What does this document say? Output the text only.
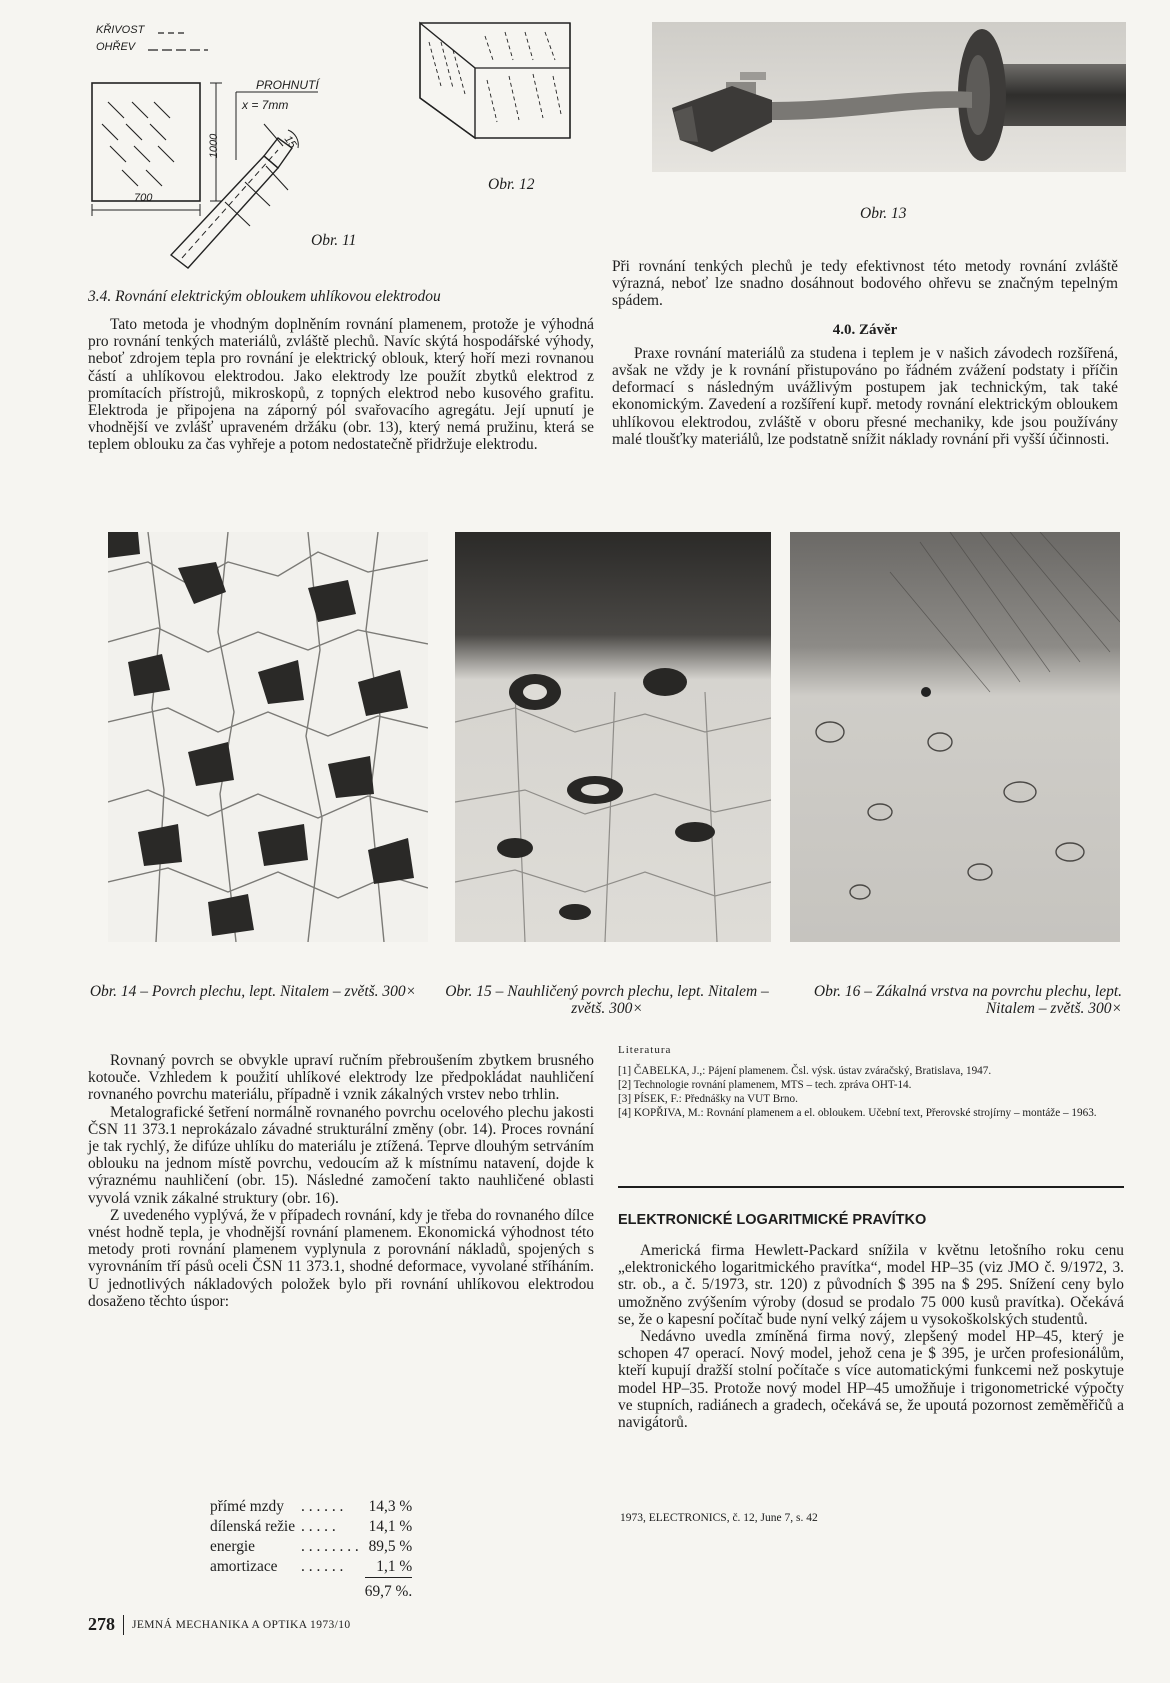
KŘIVOST
OHŘEV
PROHNUTÍ
x = 7mm
1000
700
15
Obr. 11
Obr. 12
Obr. 13
3.4. Rovnání elektrickým obloukem uhlíkovou elektrodou

Tato metoda je vhodným doplněním rovnání plamenem, protože je výhodná pro rovnání tenkých materiálů, zvláště plechů. Navíc skýtá hospodářské výhody, neboť zdrojem tepla pro rovnání je elektrický oblouk, který hoří mezi rovnanou částí a uhlíkovou elektrodou. Jako elektrody lze použít zbytků elektrod z promítacích přístrojů, mikroskopů, z topných elektrod nebo kusového grafitu. Elektroda je připojena na záporný pól svařovacího agregátu. Její upnutí je vhodnější ve zvlášť upraveném držáku (obr. 13), který nemá pružinu, která se teplem oblouku za čas vyhřeje a potom nedostatečně přidržuje elektrodu.

Při rovnání tenkých plechů je tedy efektivnost této metody rovnání zvláště výrazná, neboť lze snadno dosáhnout bodového ohřevu se značným tepelným spádem.

4.0. Závěr

Praxe rovnání materiálů za studena i teplem je v našich závodech rozšířená, avšak ne vždy je k rovnání přistupováno po řádném zvážení podstaty i příčin deformací s následným uvážlivým postupem jak technickým, tak také ekonomickým. Zavedení a rozšíření kupř. metody rovnání elektrickým obloukem uhlíkovou elektrodou, zvláště v oboru přesné mechaniky, kde jsou používány malé tloušťky materiálů, lze podstatně snížit náklady rovnání při vyšší účinnosti.

Obr. 14 – Povrch plechu, lept. Nitalem – zvětš. 300×	Obr. 15 – Nauhličený povrch plechu, lept. Nitalem – zvětš. 300×
Obr. 16 – Zákalná vrstva na povrchu plechu, lept. Nitalem – zvětš. 300×

Rovnaný povrch se obvykle upraví ručním přebroušením zbytkem brusného kotouče. Vzhledem k použití uhlíkové elektrody lze předpokládat nauhličení rovnaného povrchu materiálu, případně i vznik zákalných vrstev nebo trhlin.

Metalografické šetření normálně rovnaného povrchu ocelového plechu jakosti ČSN 11 373.1 neprokázalo závadné strukturální změny (obr. 14). Proces rovnání je tak rychlý, že difúze uhlíku do materiálu je ztížená. Teprve dlouhým setrváním oblouku na jednom místě povrchu, vedoucím až k místnímu natavení, dojde k výraznému nauhličení (obr. 15). Následné zamočení takto nauhličené oblasti vyvolá vznik zákalné struktury (obr. 16).

Z uvedeného vyplývá, že v případech rovnání, kdy je třeba do rovnaného dílce vnést hodně tepla, je vhodnější rovnání plamenem. Ekonomická výhodnost této metody proti rovnání plamenem vyplynula z porovnání nákladů, spojených s vyrovnáním tří pásů oceli ČSN 11 373.1, shodné deformace, vyvolané stříháním. U jednotlivých nákladových položek bylo při rovnání uhlíkovou elektrodou dosaženo těchto úspor:

přímé mzdy	. . . . . .	14,3 %
dílenská režie	. . . . .	14,1 %
energie	. . . . . . . .	89,5 %
amortizace	. . . . . .	1,1 %
		69,7 %.
Literatura
[1] ČABELKA, J.,: Pájení plamenem. Čsl. výsk. ústav zváračský, Bratislava, 1947.
[2] Technologie rovnání plamenem, MTS – tech. zpráva OHT-14.
[3] PÍSEK, F.: Přednášky na VUT Brno.
[4] KOPŘIVA, M.: Rovnání plamenem a el. obloukem. Učební text, Přerovské strojírny – montáže – 1963.
ELEKTRONICKÉ LOGARITMICKÉ PRAVÍTKO

Americká firma Hewlett-Packard snížila v květnu letošního roku cenu „elektronického logaritmického pravítka“, model HP–35 (viz JMO č. 9/1972, 3. str. ob., a č. 5/1973, str. 120) z původních $ 395 na $ 295. Snížení ceny bylo umožněno zvýšením výroby (dosud se prodalo 75 000 kusů pravítka). Očekává se, že o kapesní počítač bude nyní velký zájem u vysokoškolských studentů.

Nedávno uvedla zmíněná firma nový, zlepšený model HP–45, který je schopen 47 operací. Nový model, jehož cena je $ 395, je určen profesionálům, kteří kupují dražší stolní počítače s více automatickými funkcemi než poskytuje model HP–35. Protože nový model HP–45 umožňuje i trigonometrické výpočty ve stupních, radiánech a gradech, očekává se, že upoutá pozornost zeměměřičů a navigátorů.

1973, ELECTRONICS, č. 12, June 7, s. 42
278 JEMNÁ MECHANIKA A OPTIKA 1973/10
